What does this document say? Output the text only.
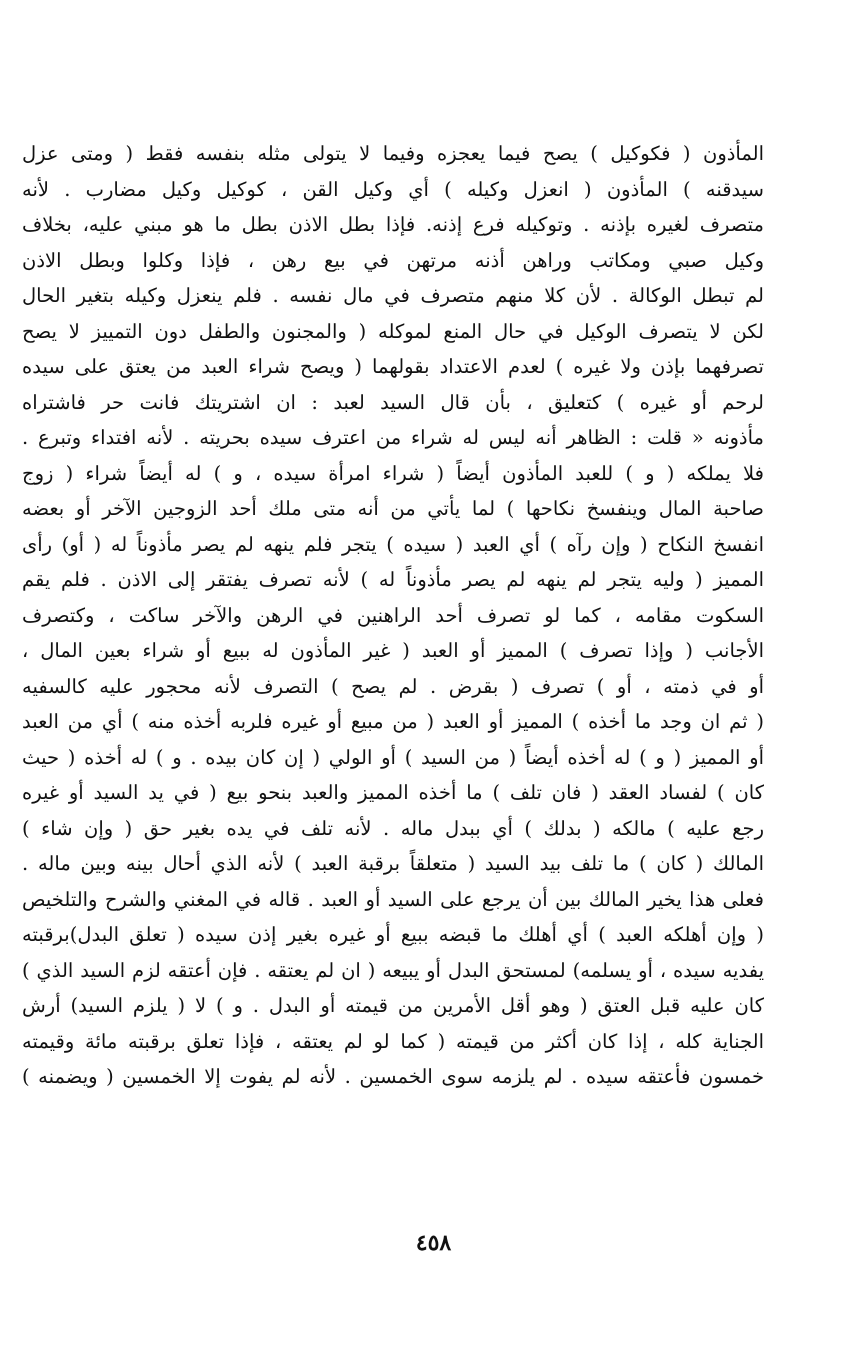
المأذون ( فكوكيل ) يصح فيما يعجزه وفيما لا يتولى مثله بنفسه فقط ( ومتى عزل
سيدقنه ) المأذون ( انعزل وكيله ) أي وكيل القن ، كوكيل وكيل مضارب . لأنه
متصرف لغيره بإذنه . وتوكيله فرع إذنه. فإذا بطل الاذن بطل ما هو مبني عليه، بخلاف
وكيل صبي ومكاتب وراهن أذنه مرتهن في بيع رهن ، فإذا وكلوا وبطل الاذن
لم تبطل الوكالة . لأن كلا منهم متصرف في مال نفسه . فلم ينعزل وكيله بتغير الحال
لكن لا يتصرف الوكيل في حال المنع لموكله ( والمجنون والطفل دون التمييز لا يصح
تصرفهما بإذن ولا غيره ) لعدم الاعتداد بقولهما ( ويصح شراء العبد من يعتق على سيده
لرحم أو غيره ) كتعليق ، بأن قال السيد لعبد : ان اشتريتك فانت حر فاشتراه
مأذونه « قلت : الظاهر أنه ليس له شراء من اعترف سيده بحريته . لأنه افتداء وتبرع .
فلا يملكه ( و ) للعبد المأذون أيضاً ( شراء امرأة سيده ، و ) له أيضاً شراء ( زوج
صاحبة المال وينفسخ نكاحها ) لما يأتي من أنه متى ملك أحد الزوجين الآخر أو بعضه
انفسخ النكاح ( وإن رآه ) أي العبد ( سيده ) يتجر فلم ينهه لم يصر مأذوناً له ( أو) رأى
المميز ( وليه يتجر لم ينهه لم يصر مأذوناً له ) لأنه تصرف يفتقر إلى الاذن . فلم يقم
السكوت مقامه ، كما لو تصرف أحد الراهنين في الرهن والآخر ساكت ، وكتصرف
الأجانب ( وإذا تصرف ) المميز أو العبد ( غير المأذون له ببيع أو شراء بعين المال ،
أو في ذمته ، أو ) تصرف ( بقرض . لم يصح ) التصرف لأنه محجور عليه كالسفيه
( ثم ان وجد ما أخذه ) المميز أو العبد ( من مبيع أو غيره فلربه أخذه منه ) أي من العبد
أو المميز ( و ) له أخذه أيضاً ( من السيد ) أو الولي ( إن كان بيده . و ) له أخذه ( حيث
كان ) لفساد العقد ( فان تلف ) ما أخذه المميز والعبد بنحو بيع ( في يد السيد أو غيره
رجع عليه ) مالكه ( بدلك ) أي ببدل ماله . لأنه تلف في يده بغير حق ( وإن شاء )
المالك ( كان ) ما تلف بيد السيد ( متعلقاً برقبة العبد ) لأنه الذي أحال بينه وبين ماله .
فعلى هذا يخير المالك بين أن يرجع على السيد أو العبد . قاله في المغني والشرح والتلخيص
( وإن أهلكه العبد ) أي أهلك ما قبضه ببيع أو غيره بغير إذن سيده ( تعلق البدل)برقبته
يفديه سيده ، أو يسلمه) لمستحق البدل أو يبيعه ( ان لم يعتقه . فإن أعتقه لزم السيد الذي )
كان عليه قبل العتق ( وهو أقل الأمرين من قيمته أو البدل . و ) لا ( يلزم السيد) أرش
الجناية كله ، إذا كان أكثر من قيمته ( كما لو لم يعتقه ، فإذا تعلق برقبته مائة وقيمته
خمسون فأعتقه سيده . لم يلزمه سوى الخمسين . لأنه لم يفوت إلا الخمسين ( ويضمنه )
٤٥٨
